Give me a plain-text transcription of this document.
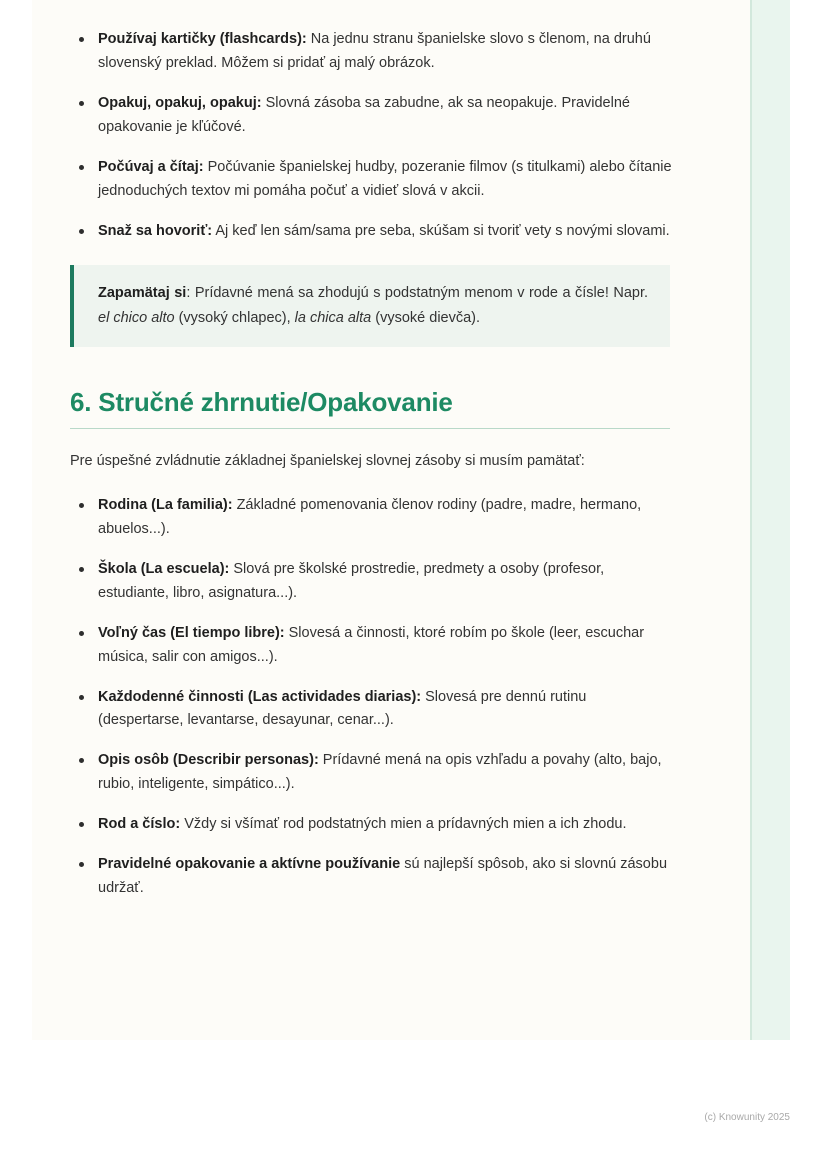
Používaj kartičky (flashcards): Na jednu stranu španielske slovo s členom, na druhú slovenský preklad. Môžem si pridať aj malý obrázok.
Opakuj, opakuj, opakuj: Slovná zásoba sa zabudne, ak sa neopakuje. Pravidelné opakovanie je kľúčové.
Počúvaj a čítaj: Počúvanie španielskej hudby, pozeranie filmov (s titulkami) alebo čítanie jednoduchých textov mi pomáha počuť a vidieť slová v akcii.
Snaž sa hovoriť: Aj keď len sám/sama pre seba, skúšam si tvoriť vety s novými slovami.

Zapamätaj si: Prídavné mená sa zhodujú s podstatným menom v rode a čísle! Napr. el chico alto (vysoký chlapec), la chica alta (vysoké dievča).

6. Stručné zhrnutie/Opakovanie

Pre úspešné zvládnutie základnej španielskej slovnej zásoby si musím pamätať:

Rodina (La familia): Základné pomenovania členov rodiny (padre, madre, hermano, abuelos...).
Škola (La escuela): Slová pre školské prostredie, predmety a osoby (profesor, estudiante, libro, asignatura...).
Voľný čas (El tiempo libre): Slovesá a činnosti, ktoré robím po škole (leer, escuchar música, salir con amigos...).
Každodenné činnosti (Las actividades diarias): Slovesá pre dennú rutinu (despertarse, levantarse, desayunar, cenar...).
Opis osôb (Describir personas): Prídavné mená na opis vzhľadu a povahy (alto, bajo, rubio, inteligente, simpático...).
Rod a číslo: Vždy si všímať rod podstatných mien a prídavných mien a ich zhodu.
Pravidelné opakovanie a aktívne používanie sú najlepší spôsob, ako si slovnú zásobu udržať.
(c) Knowunity 2025
